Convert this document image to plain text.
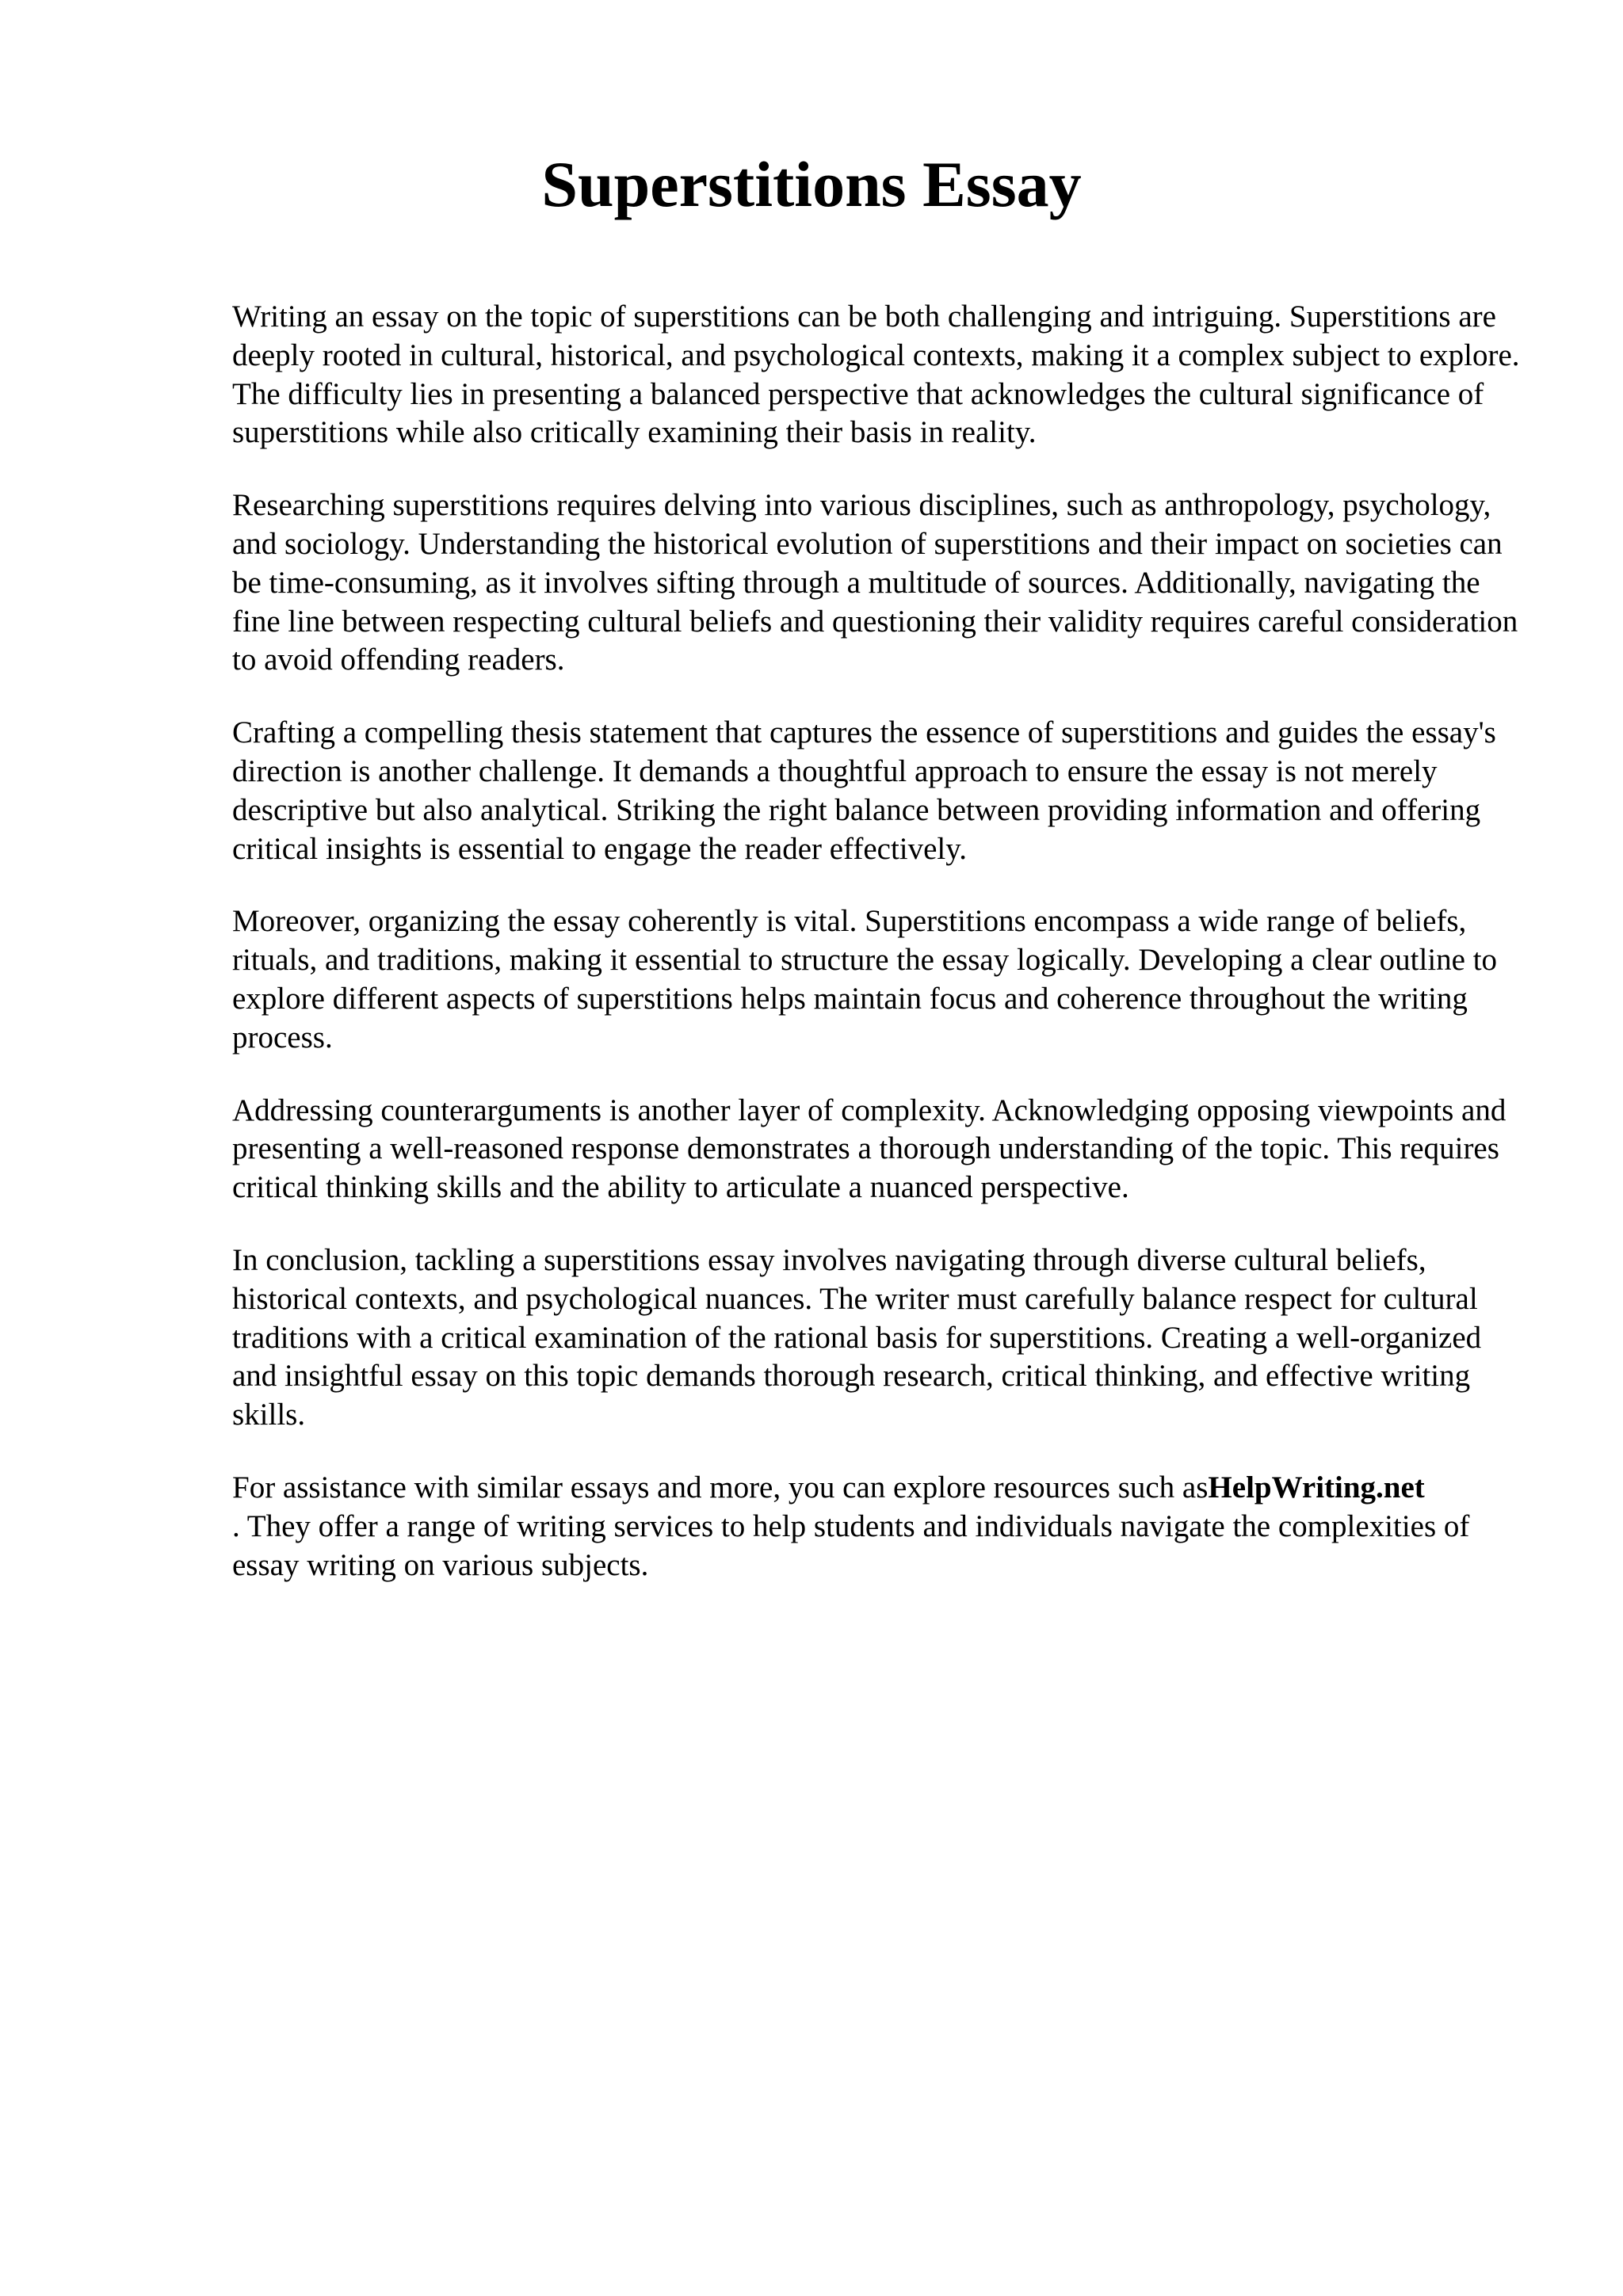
Superstitions Essay

Writing an essay on the topic of superstitions can be both challenging and intriguing. Superstitions are deeply rooted in cultural, historical, and psychological contexts, making it a complex subject to explore. The difficulty lies in presenting a balanced perspective that acknowledges the cultural significance of superstitions while also critically examining their basis in reality.

Researching superstitions requires delving into various disciplines, such as anthropology, psychology, and sociology. Understanding the historical evolution of superstitions and their impact on societies can be time-consuming, as it involves sifting through a multitude of sources. Additionally, navigating the fine line between respecting cultural beliefs and questioning their validity requires careful consideration to avoid offending readers.

Crafting a compelling thesis statement that captures the essence of superstitions and guides the essay's direction is another challenge. It demands a thoughtful approach to ensure the essay is not merely descriptive but also analytical. Striking the right balance between providing information and offering critical insights is essential to engage the reader effectively.

Moreover, organizing the essay coherently is vital. Superstitions encompass a wide range of beliefs, rituals, and traditions, making it essential to structure the essay logically. Developing a clear outline to explore different aspects of superstitions helps maintain focus and coherence throughout the writing process.

Addressing counterarguments is another layer of complexity. Acknowledging opposing viewpoints and presenting a well-reasoned response demonstrates a thorough understanding of the topic. This requires critical thinking skills and the ability to articulate a nuanced perspective.

In conclusion, tackling a superstitions essay involves navigating through diverse cultural beliefs, historical contexts, and psychological nuances. The writer must carefully balance respect for cultural traditions with a critical examination of the rational basis for superstitions. Creating a well-organized and insightful essay on this topic demands thorough research, critical thinking, and effective writing skills.

For assistance with similar essays and more, you can explore resources such asHelpWriting.net
. They offer a range of writing services to help students and individuals navigate the complexities of essay writing on various subjects.
